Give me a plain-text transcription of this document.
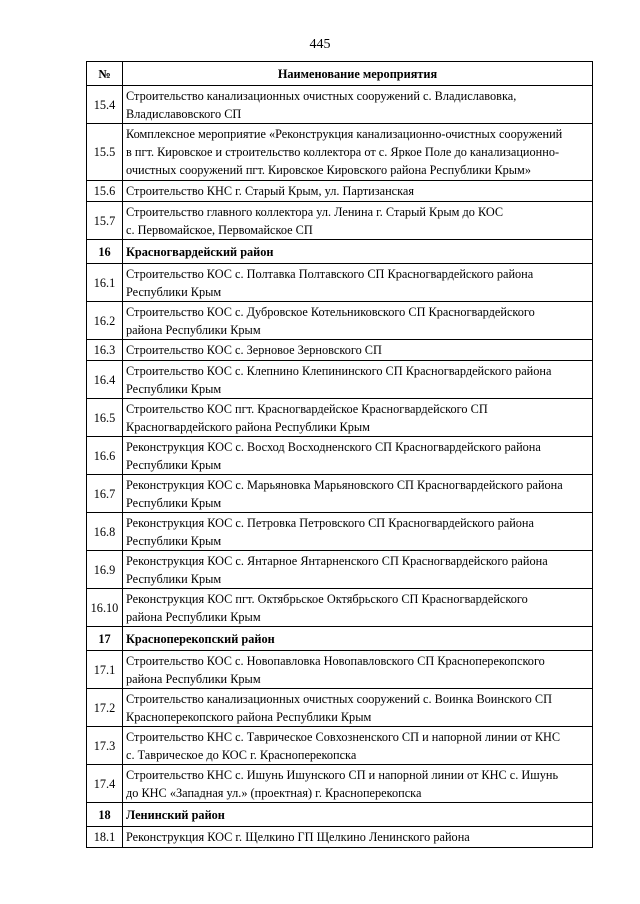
445
№	Наименование мероприятия
15.4	Строительство канализационных очистных сооружений с. Владиславовка,
Владиславовского СП

15.5	Комплексное мероприятие «Реконструкция канализационно-очистных сооружений
в пгт. Кировское и строительство коллектора от с. Яркое Поле до канализационно-
очистных сооружений пгт. Кировское Кировского района Республики Крым»

15.6	Строительство КНС г. Старый Крым, ул. Партизанская

15.7	Строительство главного коллектора ул. Ленина г. Старый Крым до КОС
с. Первомайское, Первомайское СП

16	Красногвардейский район

16.1	Строительство КОС с. Полтавка Полтавского СП Красногвардейского района
Республики Крым

16.2	Строительство КОС с. Дубровское Котельниковского СП Красногвардейского
района Республики Крым

16.3	Строительство КОС с. Зерновое Зерновского СП

16.4	Строительство КОС с. Клепнино Клепининского СП Красногвардейского района
Республики Крым

16.5	Строительство КОС пгт. Красногвардейское Красногвардейского СП
Красногвардейского района Республики Крым

16.6	Реконструкция КОС с. Восход Восходненского СП Красногвардейского района
Республики Крым

16.7	Реконструкция КОС с. Марьяновка Марьяновского СП Красногвардейского района
Республики Крым

16.8	Реконструкция КОС с. Петровка Петровского СП Красногвардейского района
Республики Крым

16.9	Реконструкция КОС с. Янтарное Янтарненского СП Красногвардейского района
Республики Крым

16.10	Реконструкция КОС пгт. Октябрьское Октябрьского СП Красногвардейского
района Республики Крым

17	Красноперекопский район

17.1	Строительство КОС с. Новопавловка Новопавловского СП Красноперекопского
района Республики Крым

17.2	Строительство канализационных очистных сооружений с. Воинка Воинского СП
Красноперекопского района Республики Крым

17.3	Строительство КНС с. Таврическое Совхозненского СП и напорной линии от КНС
с. Таврическое до КОС г. Красноперекопска

17.4	Строительство КНС с. Ишунь Ишунского СП и напорной линии от КНС с. Ишунь
до КНС «Западная ул.» (проектная) г. Красноперекопска

18	Ленинский район

18.1	Реконструкция КОС г. Щелкино ГП Щелкино Ленинского района
